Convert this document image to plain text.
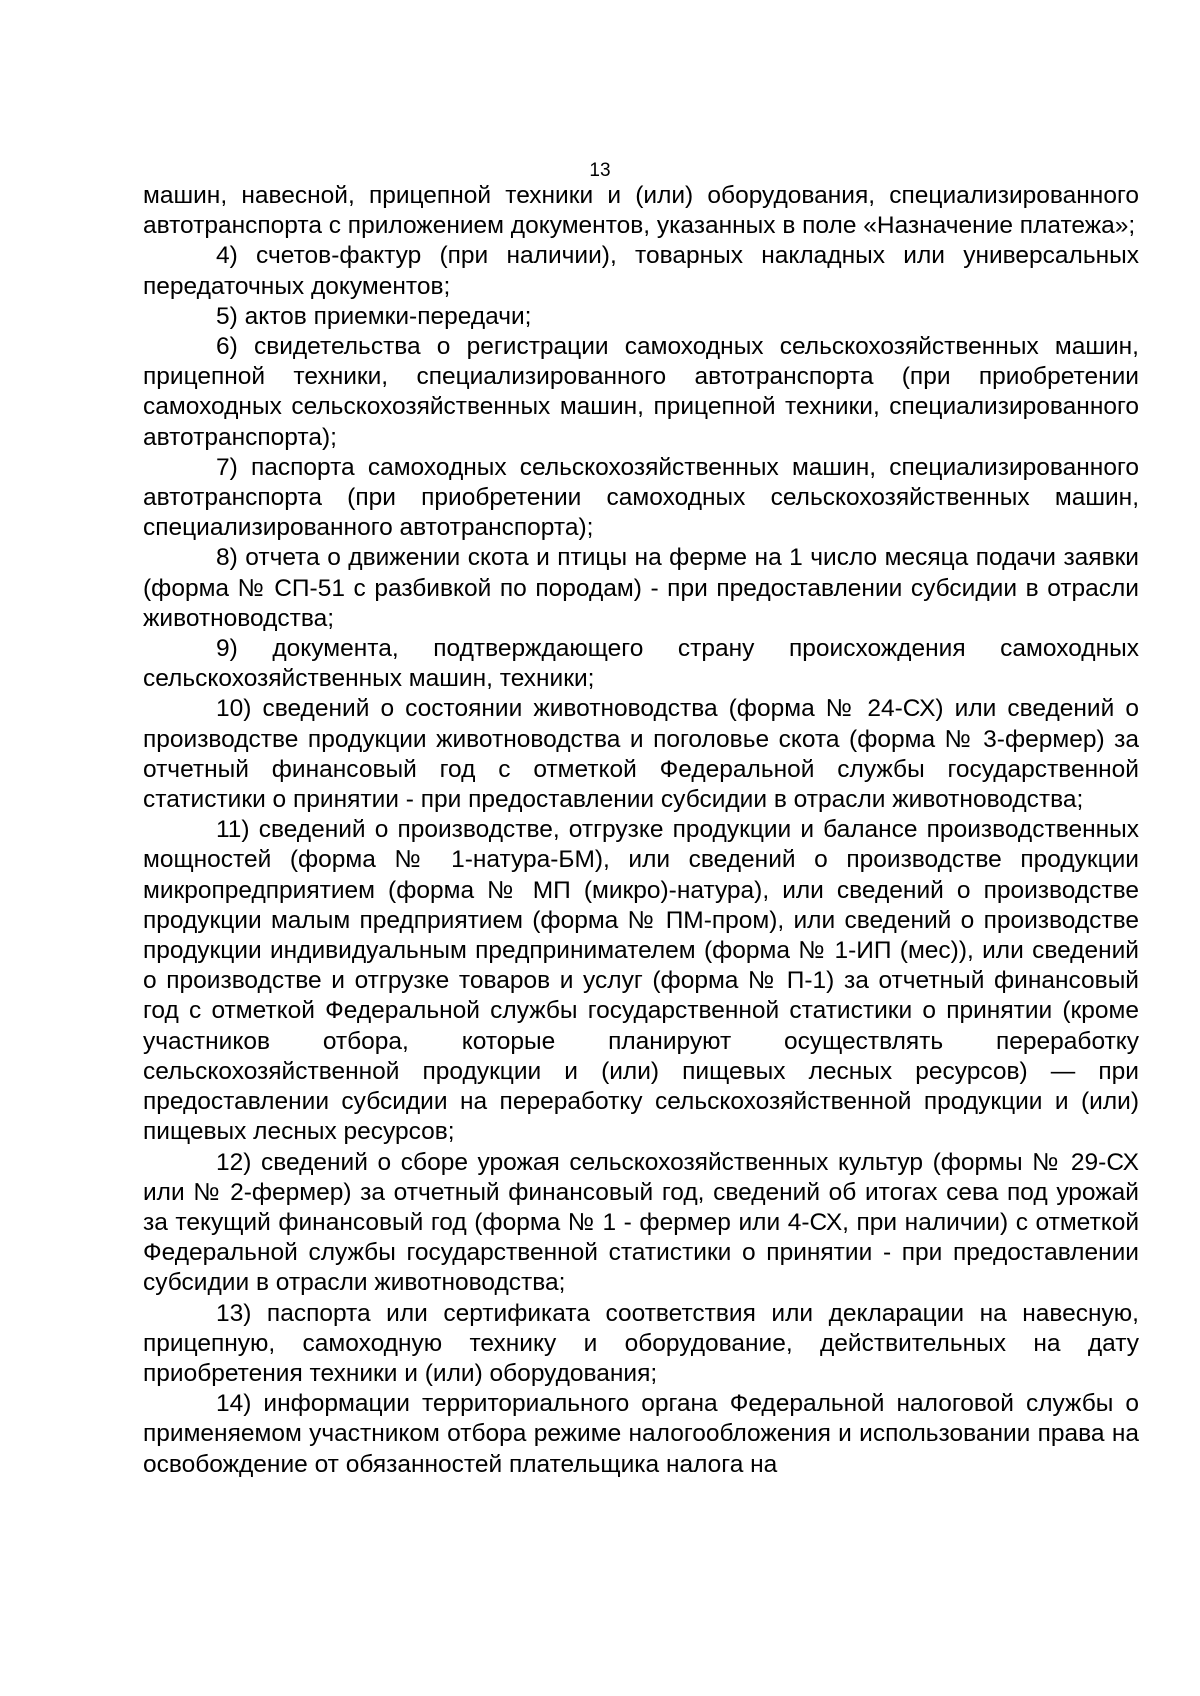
13

машин, навесной, прицепной техники и (или) оборудования, специализированного автотранспорта с приложением документов, указанных в поле «Назначение платежа»;

4) счетов-фактур (при наличии), товарных накладных или универсальных передаточных документов;

5) актов приемки-передачи;

6) свидетельства о регистрации самоходных сельскохозяйственных машин, прицепной техники, специализированного автотранспорта (при приобретении самоходных сельскохозяйственных машин, прицепной техники, специализированного автотранспорта);

7) паспорта самоходных сельскохозяйственных машин, специализированного автотранспорта (при приобретении самоходных сельскохозяйственных машин, специализированного автотранспорта);

8) отчета о движении скота и птицы на ферме на 1 число месяца подачи заявки (форма № СП-51 с разбивкой по породам) - при предоставлении субсидии в отрасли животноводства;

9) документа, подтверждающего страну происхождения самоходных сельскохозяйственных машин, техники;

10) сведений о состоянии животноводства (форма № 24-СХ) или сведений о производстве продукции животноводства и поголовье скота (форма № 3-фермер) за отчетный финансовый год с отметкой Федеральной службы государственной статистики о принятии - при предоставлении субсидии в отрасли животноводства;

11) сведений о производстве, отгрузке продукции и балансе производственных мощностей (форма № 1-натура-БМ), или сведений о производстве продукции микропредприятием (форма № МП (микро)-натура), или сведений о производстве продукции малым предприятием (форма № ПМ-пром), или сведений о производстве продукции индивидуальным предпринимателем (форма № 1-ИП (мес)), или сведений о производстве и отгрузке товаров и услуг (форма № П-1) за отчетный финансовый год с отметкой Федеральной службы государственной статистики о принятии (кроме участников отбора, которые планируют осуществлять переработку сельскохозяйственной продукции и (или) пищевых лесных ресурсов) — при предоставлении субсидии на переработку сельскохозяйственной продукции и (или) пищевых лесных ресурсов;

12) сведений о сборе урожая сельскохозяйственных культур (формы № 29-СХ или № 2-фермер) за отчетный финансовый год, сведений об итогах сева под урожай за текущий финансовый год (форма № 1 - фермер или 4-СХ, при наличии) с отметкой Федеральной службы государственной статистики о принятии - при предоставлении субсидии в отрасли животноводства;

13) паспорта или сертификата соответствия или декларации на навесную, прицепную, самоходную технику и оборудование, действительных на дату приобретения техники и (или) оборудования;

14) информации территориального органа Федеральной налоговой службы о применяемом участником отбора режиме налогообложения и использовании права на освобождение от обязанностей плательщика налога на
